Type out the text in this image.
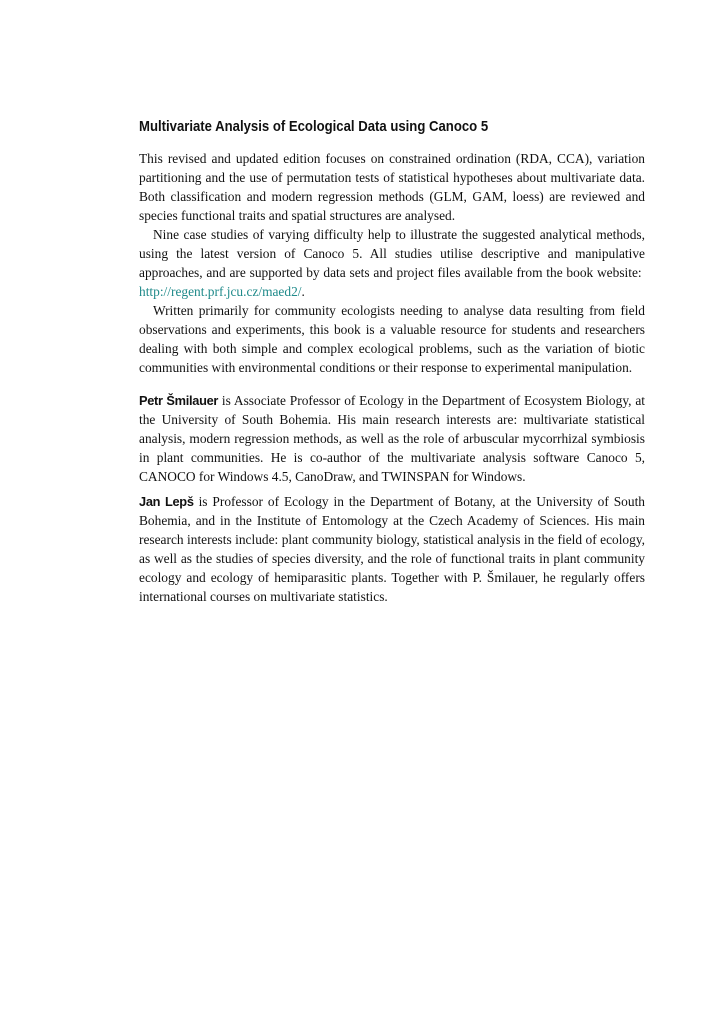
Multivariate Analysis of Ecological Data using Canoco 5

This revised and updated edition focuses on constrained ordination (RDA, CCA), variation partitioning and the use of permutation tests of statistical hypotheses about multivariate data. Both classification and modern regression methods (GLM, GAM, loess) are reviewed and species functional traits and spatial structures are analysed.

Nine case studies of varying difficulty help to illustrate the suggested analytical methods, using the latest version of Canoco 5. All studies utilise descriptive and manipulative approaches, and are supported by data sets and project files available from the book website:  http://regent.prf.jcu.cz/maed2/.

Written primarily for community ecologists needing to analyse data resulting from field observations and experiments, this book is a valuable resource for students and researchers dealing with both simple and complex ecological problems, such as the variation of biotic communities with environmental conditions or their response to experimental manipulation.

Petr Šmilauer is Associate Professor of Ecology in the Department of Ecosystem Biology, at the University of South Bohemia. His main research interests are: multivariate statistical analysis, modern regression methods, as well as the role of arbuscular mycorrhizal symbiosis in plant communities. He is co-author of the multivariate analysis software Canoco 5, CANOCO for Windows 4.5, CanoDraw, and TWINSPAN for Windows.

Jan Lepš is Professor of Ecology in the Department of Botany, at the University of South Bohemia, and in the Institute of Entomology at the Czech Academy of Sciences. His main research interests include: plant community biology, statistical analysis in the field of ecology, as well as the studies of species diversity, and the role of functional traits in plant community ecology and ecology of hemiparasitic plants. Together with P. Šmilauer, he regularly offers international courses on multivariate statistics.
